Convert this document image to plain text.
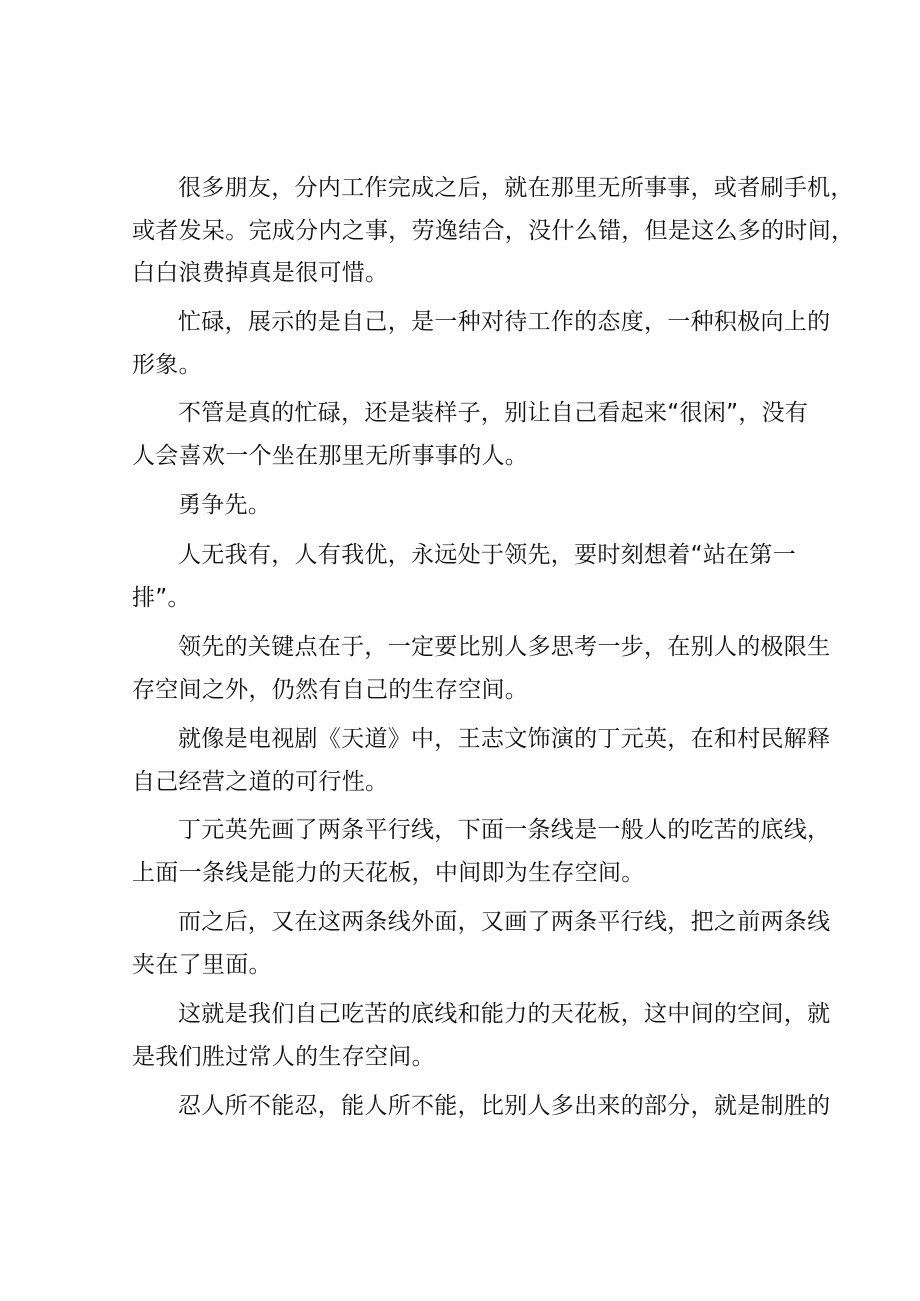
很多朋友，分内工作完成之后，就在那里无所事事，或者刷手机，
或者发呆。完成分内之事，劳逸结合，没什么错，但是这么多的时间，
白白浪费掉真是很可惜。
忙碌，展示的是自己，是一种对待工作的态度，一种积极向上的
形象。
不管是真的忙碌，还是装样子，别让自己看起来“很闲”，没有
人会喜欢一个坐在那里无所事事的人。
勇争先。
人无我有，人有我优，永远处于领先，要时刻想着“站在第一
排”。
领先的关键点在于，一定要比别人多思考一步，在别人的极限生
存空间之外，仍然有自己的生存空间。
就像是电视剧《天道》中，王志文饰演的丁元英，在和村民解释
自己经营之道的可行性。
丁元英先画了两条平行线，下面一条线是一般人的吃苦的底线，
上面一条线是能力的天花板，中间即为生存空间。
而之后，又在这两条线外面，又画了两条平行线，把之前两条线
夹在了里面。
这就是我们自己吃苦的底线和能力的天花板，这中间的空间，就
是我们胜过常人的生存空间。
忍人所不能忍，能人所不能，比别人多出来的部分，就是制胜的
